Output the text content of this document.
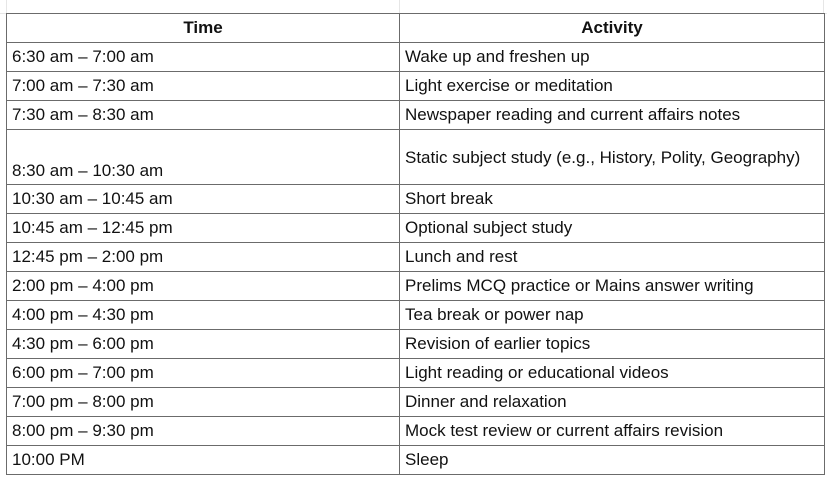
Time	Activity
6:30 am – 7:00 am	Wake up and freshen up
7:00 am – 7:30 am	Light exercise or meditation
7:30 am – 8:30 am	Newspaper reading and current affairs notes
8:30 am – 10:30 am	Static subject study (e.g., History, Polity, Geography)
10:30 am – 10:45 am	Short break
10:45 am – 12:45 pm	Optional subject study
12:45 pm – 2:00 pm	Lunch and rest
2:00 pm – 4:00 pm	Prelims MCQ practice or Mains answer writing
4:00 pm – 4:30 pm	Tea break or power nap
4:30 pm – 6:00 pm	Revision of earlier topics
6:00 pm – 7:00 pm	Light reading or educational videos
7:00 pm – 8:00 pm	Dinner and relaxation
8:00 pm – 9:30 pm	Mock test review or current affairs revision
10:00 PM	Sleep
